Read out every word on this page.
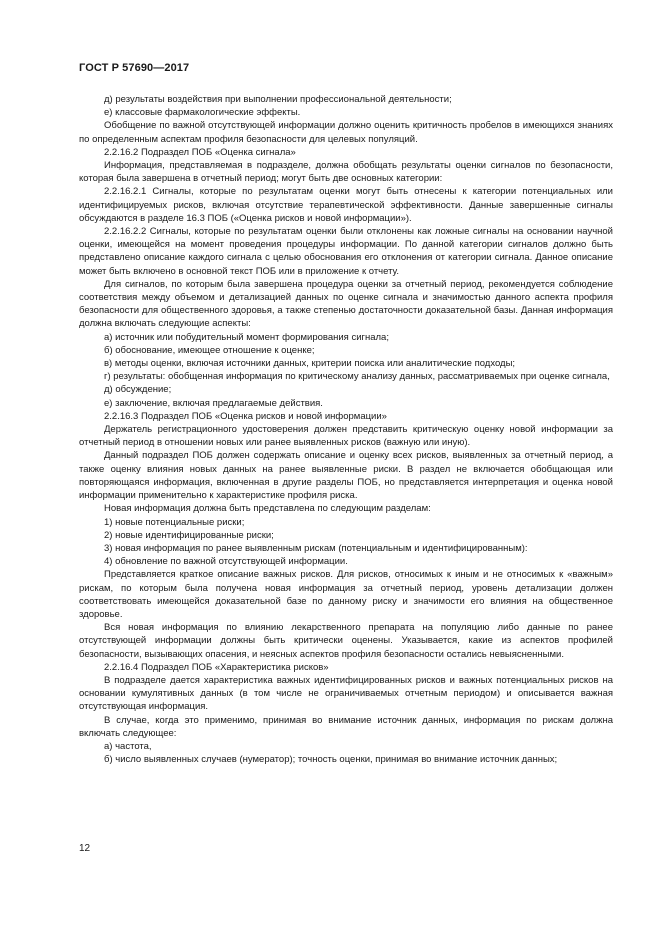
ГОСТ Р 57690—2017

д) результаты воздействия при выполнении профессиональной деятельности;

е) классовые фармакологические эффекты.

Обобщение по важной отсутствующей информации должно оценить критичность пробелов в имеющихся знаниях по определенным аспектам профиля безопасности для целевых популяций.

2.2.16.2 Подраздел ПОБ «Оценка сигнала»

Информация, представляемая в подразделе, должна обобщать результаты оценки сигналов по безопасности, которая была завершена в отчетный период; могут быть две основных категории:

2.2.16.2.1 Сигналы, которые по результатам оценки могут быть отнесены к категории потенциальных или идентифицируемых рисков, включая отсутствие терапевтической эффективности. Данные завершенные сигналы обсуждаются в разделе 16.3 ПОБ («Оценка рисков и новой информации»).

2.2.16.2.2 Сигналы, которые по результатам оценки были отклонены как ложные сигналы на основании научной оценки, имеющейся на момент проведения процедуры информации. По данной категории сигналов должно быть представлено описание каждого сигнала с целью обоснования его отклонения от категории сигнала. Данное описание может быть включено в основной текст ПОБ или в приложение к отчету.

Для сигналов, по которым была завершена процедура оценки за отчетный период, рекомендуется соблюдение соответствия между объемом и детализацией данных по оценке сигнала и значимостью данного аспекта профиля безопасности для общественного здоровья, а также степенью достаточности доказательной базы. Данная информация должна включать следующие аспекты:

а) источник или побудительный момент формирования сигнала;

б) обоснование, имеющее отношение к оценке;

в) методы оценки, включая источники данных, критерии поиска или аналитические подходы;

г) результаты: обобщенная информация по критическому анализу данных, рассматриваемых при оценке сигнала,

д) обсуждение;

е) заключение, включая предлагаемые действия.

2.2.16.3 Подраздел ПОБ «Оценка рисков и новой информации»

Держатель регистрационного удостоверения должен представить критическую оценку новой информации за отчетный период в отношении новых или ранее выявленных рисков (важную или иную).

Данный подраздел ПОБ должен содержать описание и оценку всех рисков, выявленных за отчетный период, а также оценку влияния новых данных на ранее выявленные риски. В раздел не включается обобщающая или повторяющаяся информация, включенная в другие разделы ПОБ, но представляется интерпретация и оценка новой информации применительно к характеристике профиля риска.

Новая информация должна быть представлена по следующим разделам:

1) новые потенциальные риски;

2) новые идентифицированные риски;

3) новая информация по ранее выявленным рискам (потенциальным и идентифицированным):

4) обновление по важной отсутствующей информации.

Представляется краткое описание важных рисков. Для рисков, относимых к иным и не относимых к «важным» рискам, по которым была получена новая информация за отчетный период, уровень детализации должен соответствовать имеющейся доказательной базе по данному риску и значимости его влияния на общественное здоровье.

Вся новая информация по влиянию лекарственного препарата на популяцию либо данные по ранее отсутствующей информации должны быть критически оценены. Указывается, какие из аспектов профилей безопасности, вызывающих опасения, и неясных аспектов профиля безопасности остались невыясненными.

2.2.16.4 Подраздел ПОБ «Характеристика рисков»

В подразделе дается характеристика важных идентифицированных рисков и важных потенциальных рисков на основании кумулятивных данных (в том числе не ограничиваемых отчетным периодом) и описывается важная отсутствующая информация.

В случае, когда это применимо, принимая во внимание источник данных, информация по рискам должна включать следующее:

а) частота,

б) число выявленных случаев (нумератор); точность оценки, принимая во внимание источник данных;

12
